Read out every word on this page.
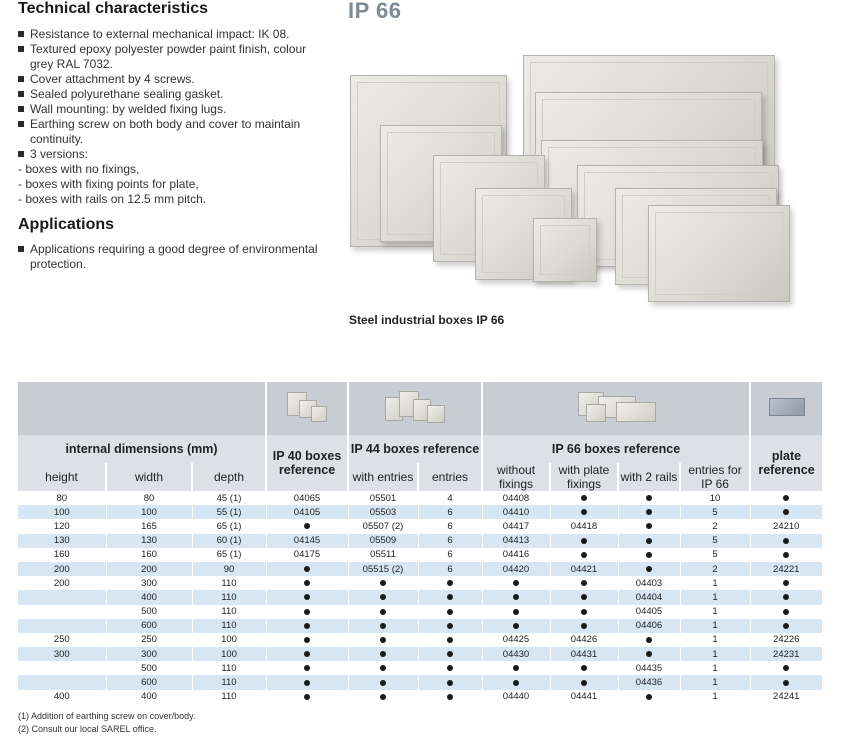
Technical characteristics
Resistance to external mechanical impact: IK 08.
Textured epoxy polyester powder paint finish, colour grey RAL 7032.
Cover attachment by 4 screws.
Sealed polyurethane sealing gasket.
Wall mounting: by welded fixing lugs.
Earthing screw on both body and cover to maintain continuity.
3 versions:
- boxes with no fixings,
- boxes with fixing points for plate,
- boxes with rails on 12.5 mm pitch.
Applications
Applications requiring a good degree of environmental protection.
IP 66
Steel industrial boxes IP 66

internal dimensions (mm)			IP 40 boxes reference	IP 44 boxes reference		IP 66 boxes reference				plate reference
height	width	depth		with entries	entries	without fixings	with plate fixings	with 2 rails	entries for IP 66	
80	80	45 (1)	04065	05501	4	04408			10	
100	100	55 (1)	04105	05503	6	04410			5	
120	165	65 (1)		05507 (2)	6	04417	04418		2	24210
130	130	60 (1)	04145	05509	6	04413			5	
160	160	65 (1)	04175	05511	6	04416			5	
200	200	90		05515 (2)	6	04420	04421		2	24221
200	300	110						04403	1	
	400	110						04404	1	
	500	110						04405	1	
	600	110						04406	1	
250	250	100				04425	04426		1	24226
300	300	100				04430	04431		1	24231
	500	110						04435	1	
	600	110						04436	1	
400	400	110				04440	04441		1	24241
(1) Addition of earthing screw on cover/body.
(2) Consult our local SAREL office.
